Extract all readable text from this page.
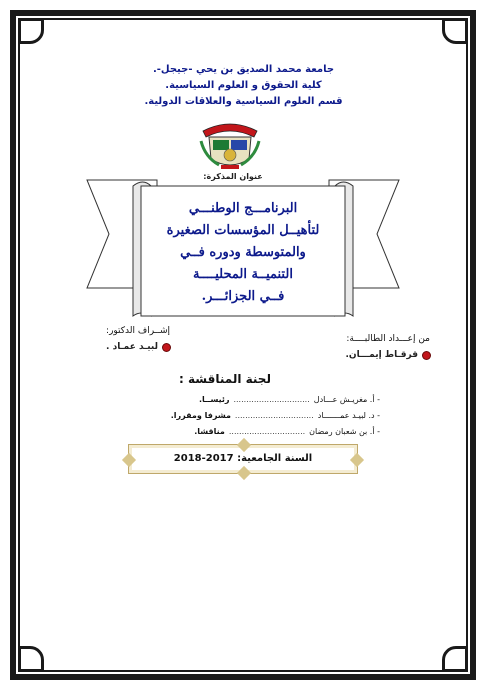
جامعة محمد الصديق بن يحي -جيجل-.
كلية الحقوق و العلوم السياسية.
قسم العلوم السياسية والعلاقات الدولية.
عنوان المذكرة:
البرنامـــج الوطنـــي
لتأهيــل المؤسسات الصغيرة
والمتوسطة ودوره فــي
التنميــة المحليــــة
فــي الجزائـــر.
إشــراف الدكتور:
لبيـد عمـاد .
من إعـــداد الطالبــــة:
قرقـاط إيمـــان.
لجنة المناقشة :
- أ. مغريـش عـــادل
..............................
رئيســا.
- د. لبيـد عمـــــــاد
...............................
مشرفا ومقررا.
- أ. بن شعبان رمضان
..............................
مناقشا.
السنة الجامعية: 2018-2017
